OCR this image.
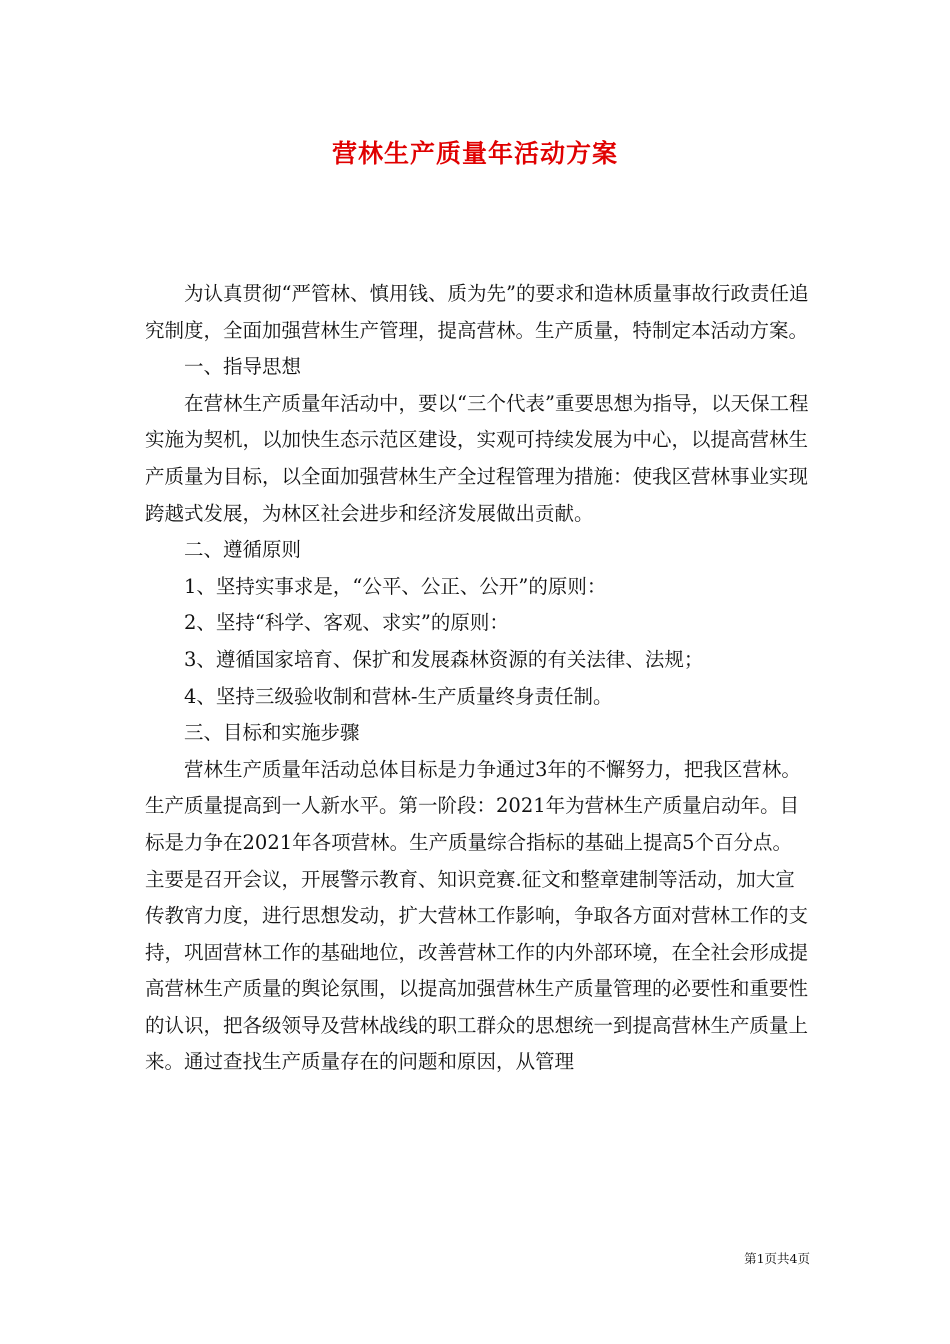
营林生产质量年活动方案

为认真贯彻“严管林、慎用钱、质为先”的要求和造林质量事故行政责任追究制度，全面加强营林生产管理，提高营林。生产质量，特制定本活动方案。

一、指导思想

在营林生产质量年活动中，要以“三个代表”重要思想为指导，以天保工程实施为契机，以加快生态示范区建设，实观可持续发展为中心，以提高营林生产质量为目标，以全面加强营林生产全过程管理为措施：使我区营林事业实现跨越式发展，为林区社会进步和经济发展做出贡献。

二、遵循原则

1、坚持实事求是，“公平、公正、公开”的原则：

2、坚持“科学、客观、求实”的原则：

3、遵循国家培育、保扩和发展森林资源的有关法律、法规；

4、坚持三级验收制和营林-生产质量终身责任制。

三、目标和实施步骤

营林生产质量年活动总体目标是力争通过3年的不懈努力，把我区营林。生产质量提高到一人新水平。第一阶段：2021年为营林生产质量启动年。目标是力争在2021年各项营林。生产质量综合指标的基础上提高5个百分点。主要是召开会议，开展警示教育、知识竞赛.征文和整章建制等活动，加大宣传教宵力度，进行思想发动，扩大营林工作影响，争取各方面对营林工作的支持，巩固营林工作的基础地位，改善营林工作的内外部环境，在全社会形成提高营林生产质量的舆论氛围，以提高加强营林生产质量管理的必要性和重要性的认识，把各级领导及营林战线的职工群众的思想统一到提高营林生产质量上来。通过查找生产质量存在的问题和原因，从管理

第1页共4页
